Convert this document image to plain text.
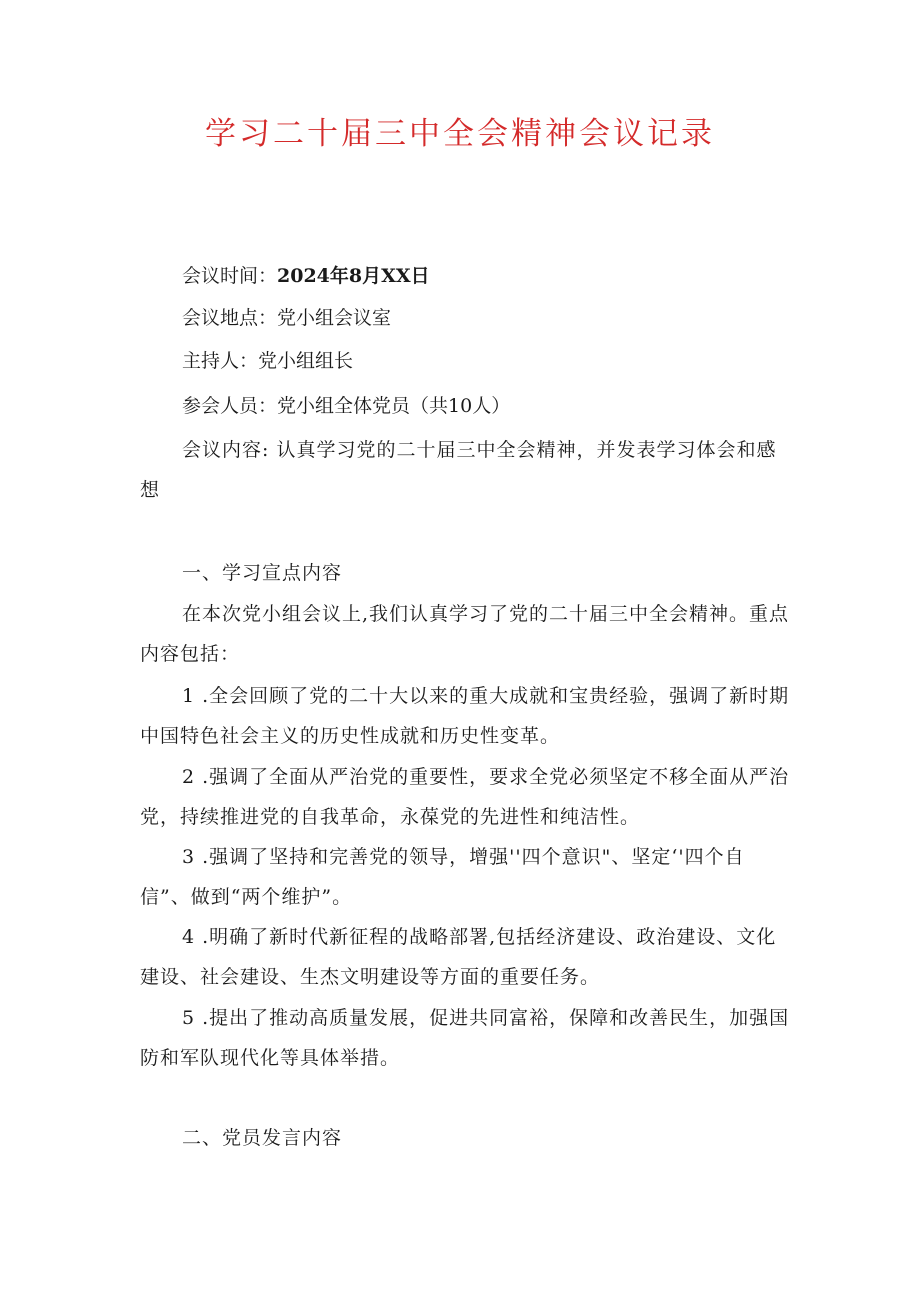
学习二十届三中全会精神会议记录
会议时间：2024年8月XX日
会议地点：党小组会议室
主持人：党小组组长
参会人员：党小组全体党员（共10人）
会议内容: 认真学习党的二十届三中全会精神，并发表学习体会和感想
一、学习宣点内容
在本次党小组会议上,我们认真学习了党的二十届三中全会精神。重点内容包括：
1 .全会回顾了党的二十大以来的重大成就和宝贵经验，强调了新时期中国特色社会主义的历史性成就和历史性变革。
2 .强调了全面从严治党的重要性，要求全党必须坚定不移全面从严治党，持续推进党的自我革命，永葆党的先进性和纯洁性。
3 .强调了坚持和完善党的领导，增强''四个意识"、坚定‘'四个自信”、做到“两个维护”。
4 .明确了新时代新征程的战略部署,包括经济建设、政治建设、文化建设、社会建设、生杰文明建设等方面的重要任务。
5 .提出了推动高质量发展，促进共同富裕，保障和改善民生，加强国防和军队现代化等具体举措。
二、党员发言内容
